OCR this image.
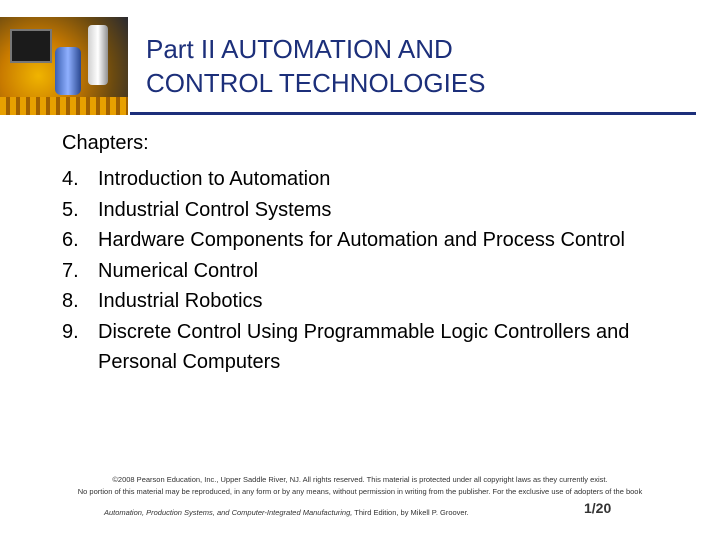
Part II AUTOMATION AND
CONTROL TECHNOLOGIES
Chapters:
4. Introduction to Automation
5. Industrial Control Systems
6. Hardware Components for Automation and Process Control
7. Numerical Control
8. Industrial Robotics
9. Discrete Control Using Programmable Logic Controllers and Personal Computers
©2008 Pearson Education, Inc., Upper Saddle River, NJ. All rights reserved. This material is protected under all copyright laws as they currently exist.
No portion of this material may be reproduced, in any form or by any means, without permission in writing from the publisher. For the exclusive use of adopters of the book
Automation, Production Systems, and Computer-Integrated Manufacturing, Third Edition, by Mikell P. Groover.	1/20
